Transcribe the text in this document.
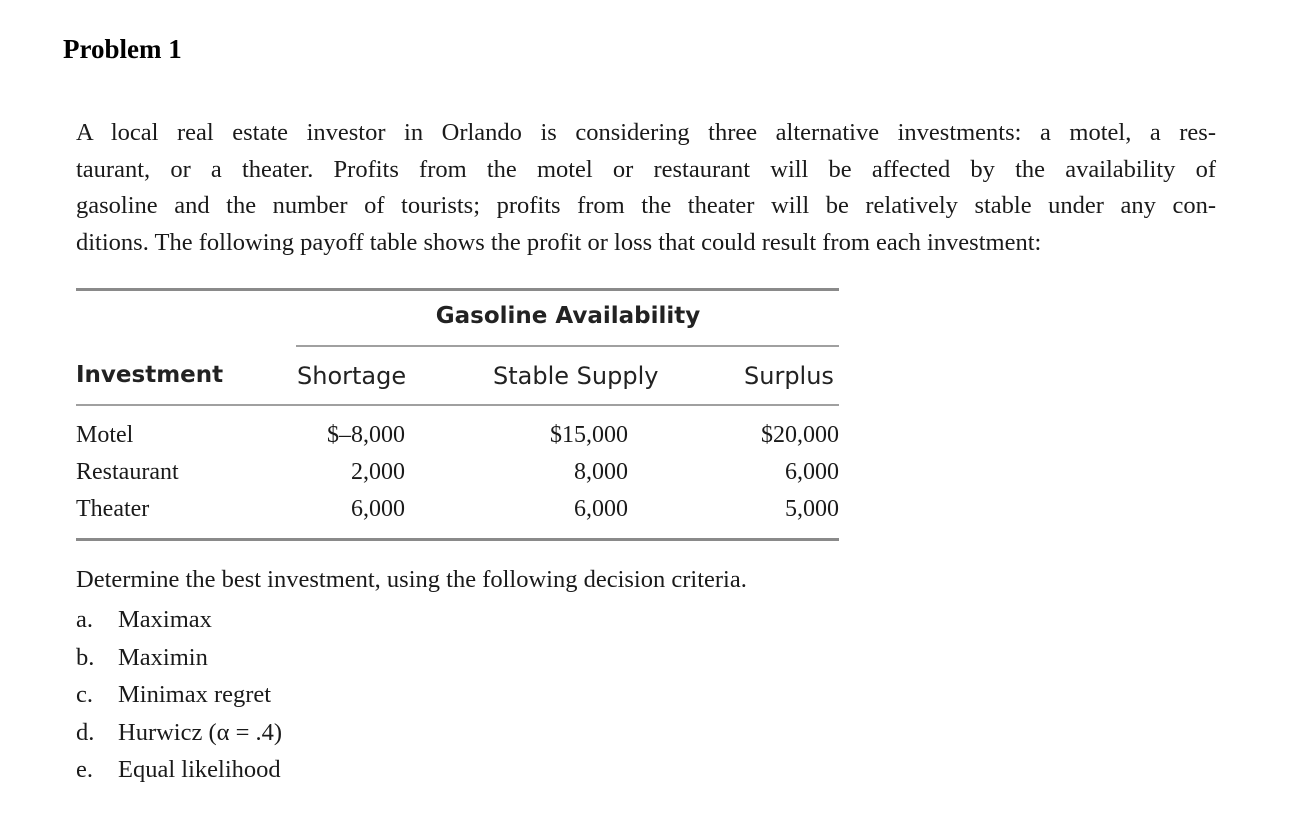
Problem 1

A local real estate investor in Orlando is considering three alternative investments: a motel, a res-
taurant, or a theater. Profits from the motel or restaurant will be affected by the availability of
gasoline and the number of tourists; profits from the theater will be relatively stable under any con-
ditions. The following payoff table shows the profit or loss that could result from each investment:

Gasoline Availability
Investment	Shortage	Stable Supply	Surplus
Motel	$–8,000	$15,000	$20,000
Restaurant	2,000	8,000	6,000
Theater	6,000	6,000	5,000
Determine the best investment, using the following decision criteria.
a. Maximax
b. Maximin
c. Minimax regret
d. Hurwicz (α = .4)
e. Equal likelihood
